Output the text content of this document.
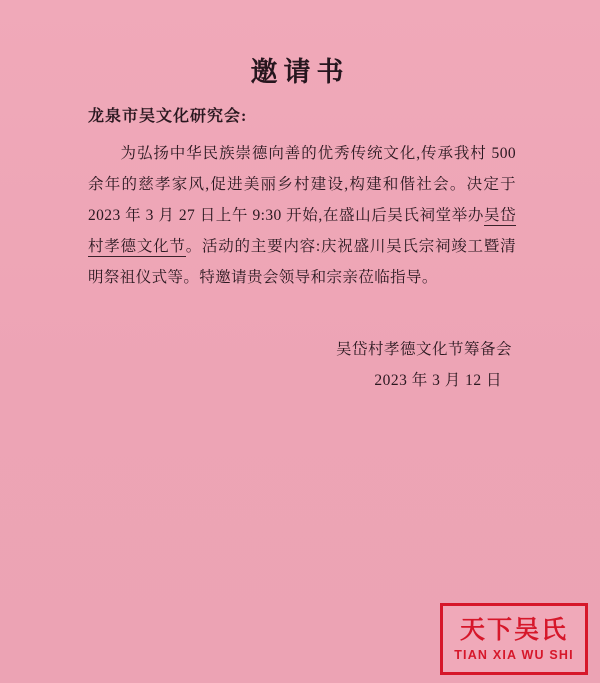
邀请书
龙泉市吴文化研究会:
为弘扬中华民族崇德向善的优秀传统文化,传承我村 500 余年的慈孝家风,促进美丽乡村建设,构建和偕社会。决定于 2023 年 3 月 27 日上午 9:30 开始,在盛山后吴氏祠堂举办吴岱村孝德文化节。活动的主要内容:庆祝盛川吴氏宗祠竣工暨清明祭祖仪式等。特邀请贵会领导和宗亲莅临指导。
吴岱村孝德文化节筹备会
2023 年 3 月 12 日
天下吴氏
TIAN XIA WU SHI
